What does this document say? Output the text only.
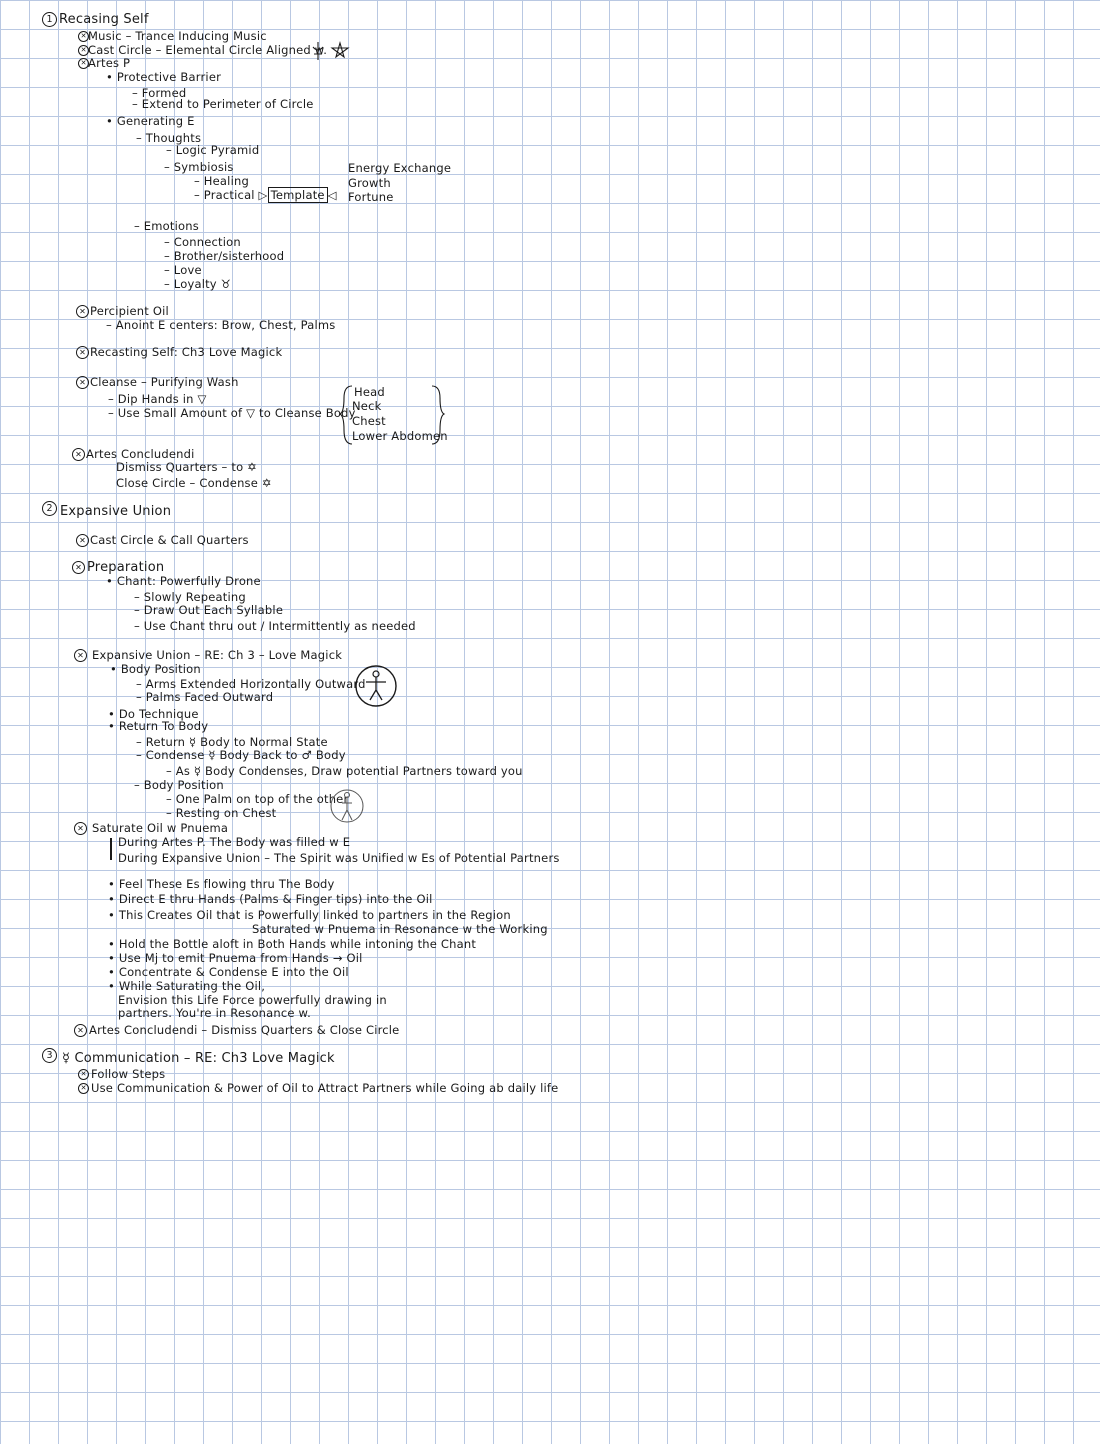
1 Recasing Self
✕ Music – Trance Inducing Music
✕ Cast Circle – Elemental Circle Aligned w.
✕ Artes P
• Protective Barrier
– Formed
– Extend to Perimeter of Circle
• Generating E
– Thoughts
– Logic Pyramid
– Symbiosis
– Healing
– Practical ▷ Template ◁
Energy Exchange
Growth
Fortune
– Emotions
– Connection
– Brother/sisterhood
– Love
– Loyalty ♉
✕ Percipient Oil
– Anoint E centers: Brow, Chest, Palms
✕ Recasting Self: Ch3 Love Magick
✕ Cleanse – Purifying Wash
– Dip Hands in ▽
– Use Small Amount of ▽ to Cleanse Body
Head
Neck
Chest
Lower Abdomen
✕ Artes Concludendi
Dismiss Quarters – to ✡
Close Circle – Condense ✡
2 Expansive Union
✕ Cast Circle & Call Quarters
✕ Preparation
• Chant: Powerfully Drone
– Slowly Repeating
– Draw Out Each Syllable
– Use Chant thru out / Intermittently as needed
✕ Expansive Union – RE: Ch 3 – Love Magick
• Body Position
– Arms Extended Horizontally Outward
– Palms Faced Outward
• Do Technique
• Return To Body
– Return ☿ Body to Normal State
– Condense ☿ Body Back to ♂ Body
– As ☿ Body Condenses, Draw potential Partners toward you
– Body Position
– One Palm on top of the other
– Resting on Chest
✕ Saturate Oil w Pnuema
During Artes P. The Body was filled w E
During Expansive Union – The Spirit was Unified w Es of Potential Partners
• Feel These Es flowing thru The Body
• Direct E thru Hands (Palms & Finger tips) into the Oil
• This Creates Oil that is Powerfully linked to partners in the Region
Saturated w Pnuema in Resonance w the Working
• Hold the Bottle aloft in Both Hands while intoning the Chant
• Use Mj to emit Pnuema from Hands → Oil
• Concentrate & Condense E into the Oil
• While Saturating the Oil,
Envision this Life Force powerfully drawing in
partners. You're in Resonance w.
✕ Artes Concludendi – Dismiss Quarters & Close Circle
3 ☿ Communication – RE: Ch3 Love Magick
✕ Follow Steps
✕ Use Communication & Power of Oil to Attract Partners while Going ab daily life
